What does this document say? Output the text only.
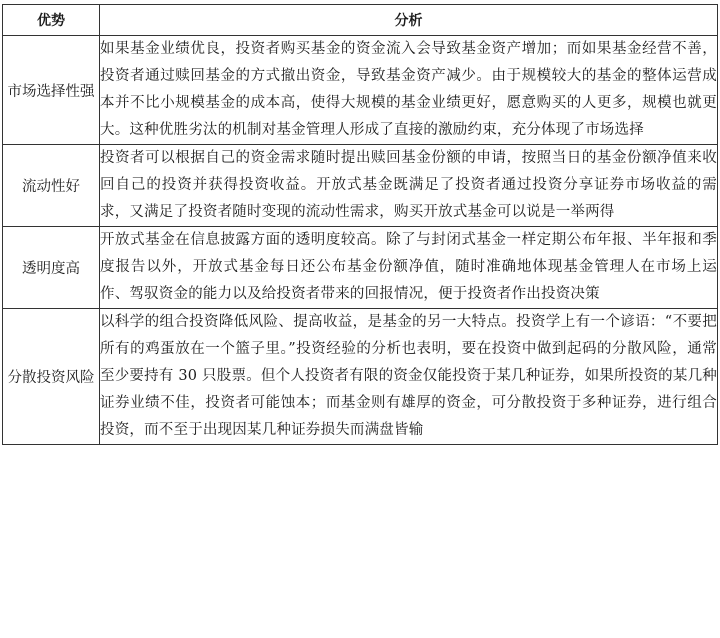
优势	分析
市场选择性强	如果基金业绩优良，投资者购买基金的资金流入会导致基金资产增加；而如果基金经营不善，投资者通过赎回基金的方式撤出资金，导致基金资产减少。由于规模较大的基金的整体运营成本并不比小规模基金的成本高，使得大规模的基金业绩更好，愿意购买的人更多，规模也就更大。这种优胜劣汰的机制对基金管理人形成了直接的激励约束，充分体现了市场选择
流动性好	投资者可以根据自己的资金需求随时提出赎回基金份额的申请，按照当日的基金份额净值来收回自己的投资并获得投资收益。开放式基金既满足了投资者通过投资分享证券市场收益的需求，又满足了投资者随时变现的流动性需求，购买开放式基金可以说是一举两得
透明度高	开放式基金在信息披露方面的透明度较高。除了与封闭式基金一样定期公布年报、半年报和季度报告以外，开放式基金每日还公布基金份额净值，随时准确地体现基金管理人在市场上运作、驾驭资金的能力以及给投资者带来的回报情况，便于投资者作出投资决策
分散投资风险	以科学的组合投资降低风险、提高收益，是基金的另一大特点。投资学上有一个谚语：“不要把所有的鸡蛋放在一个篮子里。”投资经验的分析也表明，要在投资中做到起码的分散风险，通常至少要持有 30 只股票。但个人投资者有限的资金仅能投资于某几种证券，如果所投资的某几种证券业绩不佳，投资者可能蚀本；而基金则有雄厚的资金，可分散投资于多种证券，进行组合投资，而不至于出现因某几种证券损失而满盘皆输
